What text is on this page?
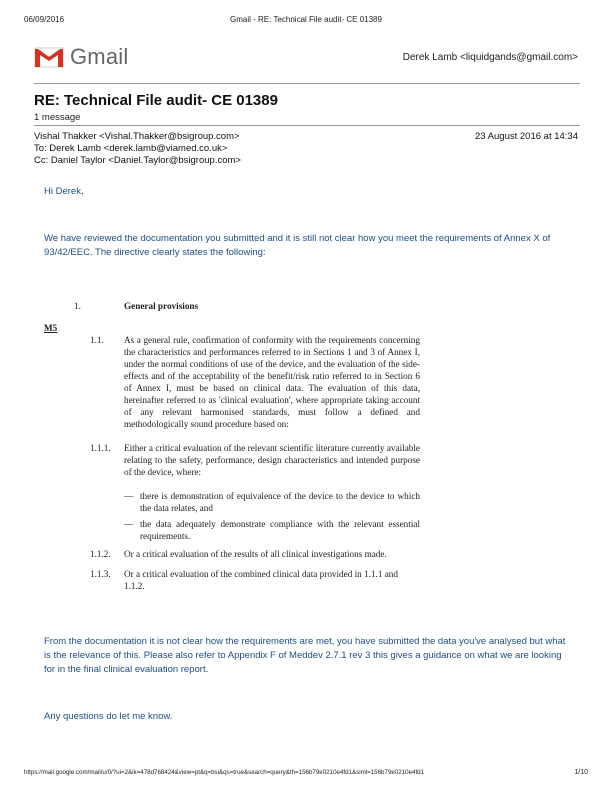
06/09/2016	Gmail - RE: Technical File audit- CE 01389
Gmail	Derek Lamb <liquidgands@gmail.com>
RE: Technical File audit- CE 01389
1 message
Vishal Thakker <Vishal.Thakker@bsigroup.com>	23 August 2016 at 14:34
To: Derek Lamb <derek.lamb@viamed.co.uk>
Cc: Daniel Taylor <Daniel.Taylor@bsigroup.com>
Hi Derek,
We have reviewed the documentation you submitted and it is still not clear how you meet the requirements of Annex X of 93/42/EEC. The directive clearly states the following:
1.	General provisions
M5
1.1. As a general rule, confirmation of conformity with the requirements concerning the characteristics and performances referred to in Sections 1 and 3 of Annex I, under the normal conditions of use of the device, and the evaluation of the side-effects and of the acceptability of the benefit/risk ratio referred to in Section 6 of Annex I, must be based on clinical data. The evaluation of this data, hereinafter referred to as 'clinical evaluation', where appropriate taking account of any relevant harmonised standards, must follow a defined and methodologically sound procedure based on:
1.1.1. Either a critical evaluation of the relevant scientific literature currently available relating to the safety, performance, design characteristics and intended purpose of the device, where:
— there is demonstration of equivalence of the device to the device to which the data relates, and
— the data adequately demonstrate compliance with the relevant essential requirements.
1.1.2. Or a critical evaluation of the results of all clinical investigations made.
1.1.3. Or a critical evaluation of the combined clinical data provided in 1.1.1 and 1.1.2.
From the documentation it is not clear how the requirements are met, you have submitted the data you've analysed but what is the relevance of this. Please also refer to Appendix F of Meddev 2.7.1 rev 3 this gives a guidance on what we are looking for in the final clinical evaluation report.
Any questions do let me know.
https://mail.google.com/mail/u/0/?ui=2&ik=478d768424&view=pt&q=bsi&qs=true&search=query&th=156b79e0210e4fd1&siml=156b79e0210e4fd1	1/10
